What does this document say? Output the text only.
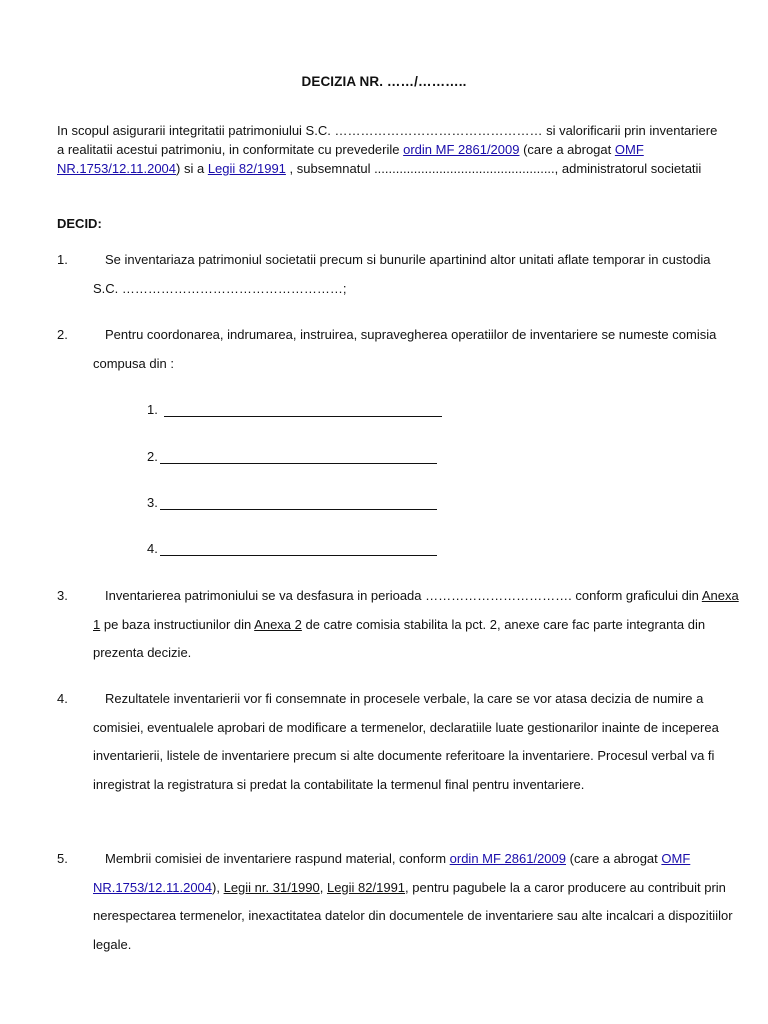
DECIZIA NR. ……/………..
In scopul asigurarii integritatii patrimoniului S.C. ………………………………………… si valorificarii prin inventariere a realitatii acestui patrimoniu, in conformitate cu prevederile ordin MF 2861/2009 (care a abrogat OMF NR.1753/12.11.2004) si a Legii 82/1991 , subsemnatul .................................................., administratorul societatii
DECID:
1.	Se inventariaza patrimoniul societatii precum si bunurile apartinind altor unitati aflate temporar in custodia S.C. ……………………………………………;
2.	Pentru coordonarea, indrumarea, instruirea, supravegherea operatiilor de inventariere se numeste comisia compusa din :
1.
2.
3.
4.
3.	Inventarierea patrimoniului se va desfasura in perioada ……………………………. conform graficului din Anexa 1 pe baza instructiunilor din Anexa 2 de catre comisia stabilita la pct. 2, anexe care fac parte integranta din prezenta decizie.
4.	Rezultatele inventarierii vor fi consemnate in procesele verbale, la care se vor atasa decizia de numire a comisiei, eventualele aprobari de modificare a termenelor, declaratiile luate gestionarilor inainte de inceperea inventarierii, listele de inventariere precum si alte documente referitoare la inventariere. Procesul verbal va fi inregistrat la registratura si predat la contabilitate la termenul final pentru inventariere.
5.	Membrii comisiei de inventariere raspund material, conform ordin MF 2861/2009 (care a abrogat OMF NR.1753/12.11.2004), Legii nr. 31/1990, Legii 82/1991, pentru pagubele la a caror producere au contribuit prin nerespectarea termenelor, inexactitatea datelor din documentele de inventariere sau alte incalcari a dispozitiilor legale.
